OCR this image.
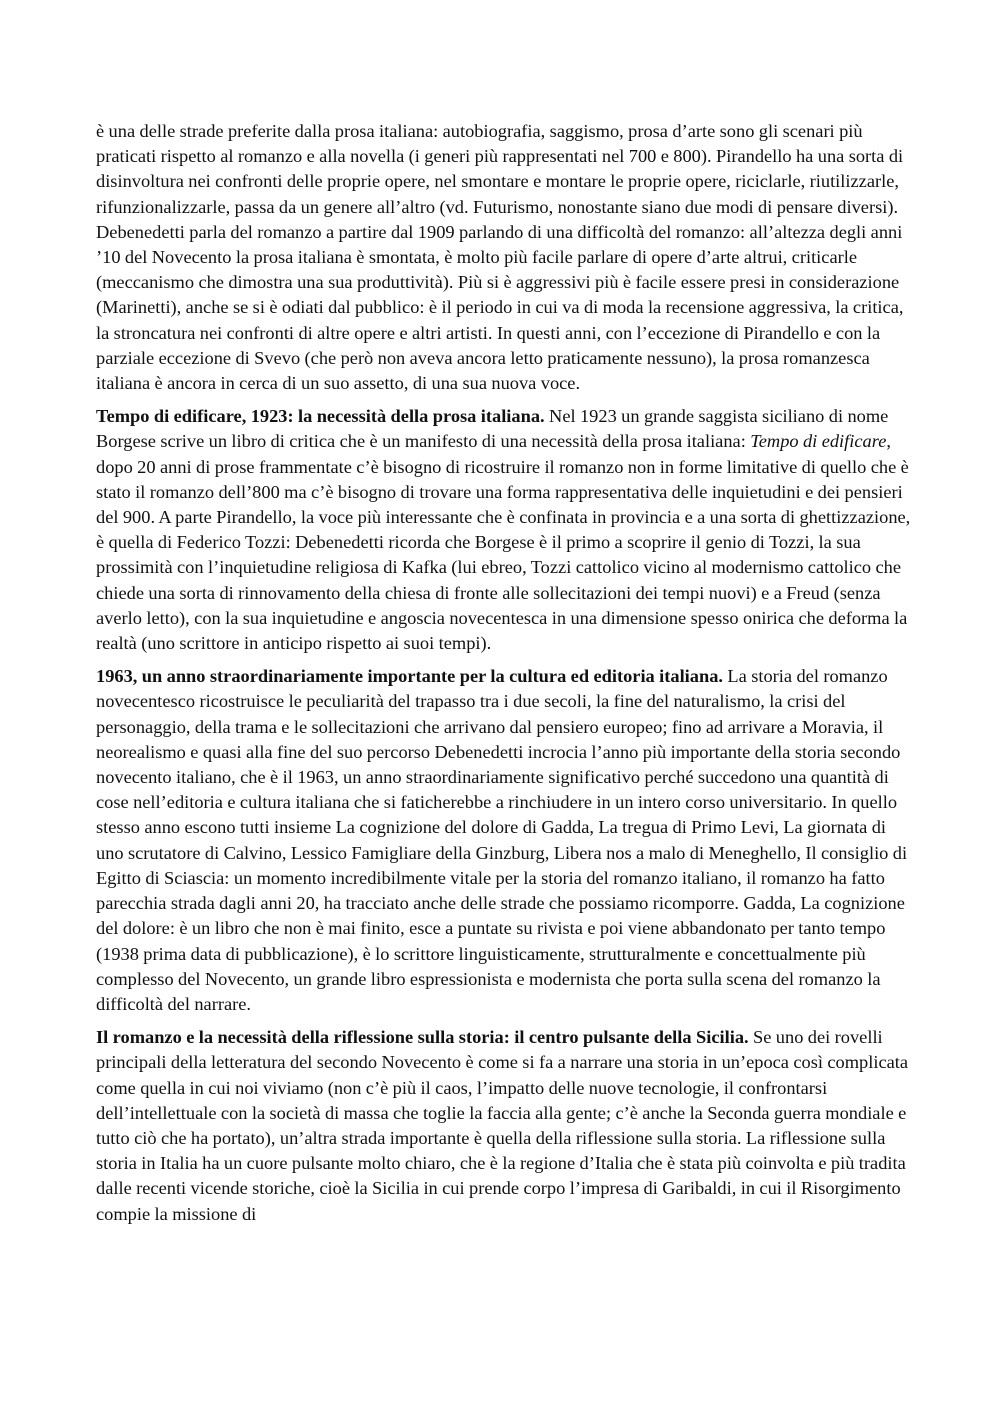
è una delle strade preferite dalla prosa italiana: autobiografia, saggismo, prosa d’arte sono gli scenari più praticati rispetto al romanzo e alla novella (i generi più rappresentati nel 700 e 800). Pirandello ha una sorta di disinvoltura nei confronti delle proprie opere, nel smontare e montare le proprie opere, riciclarle, riutilizzarle, rifunzionalizzarle, passa da un genere all’altro (vd. Futurismo, nonostante siano due modi di pensare diversi). Debenedetti parla del romanzo a partire dal 1909 parlando di una difficoltà del romanzo: all’altezza degli anni ’10 del Novecento la prosa italiana è smontata, è molto più facile parlare di opere d’arte altrui, criticarle (meccanismo che dimostra una sua produttività). Più si è aggressivi più è facile essere presi in considerazione (Marinetti), anche se si è odiati dal pubblico: è il periodo in cui va di moda la recensione aggressiva, la critica, la stroncatura nei confronti di altre opere e altri artisti. In questi anni, con l’eccezione di Pirandello e con la parziale eccezione di Svevo (che però non aveva ancora letto praticamente nessuno), la prosa romanzesca italiana è ancora in cerca di un suo assetto, di una sua nuova voce.

Tempo di edificare, 1923: la necessità della prosa italiana. Nel 1923 un grande saggista siciliano di nome Borgese scrive un libro di critica che è un manifesto di una necessità della prosa italiana: Tempo di edificare, dopo 20 anni di prose frammentate c’è bisogno di ricostruire il romanzo non in forme limitative di quello che è stato il romanzo dell’800 ma c’è bisogno di trovare una forma rappresentativa delle inquietudini e dei pensieri del 900. A parte Pirandello, la voce più interessante che è confinata in provincia e a una sorta di ghettizzazione, è quella di Federico Tozzi: Debenedetti ricorda che Borgese è il primo a scoprire il genio di Tozzi, la sua prossimità con l’inquietudine religiosa di Kafka (lui ebreo, Tozzi cattolico vicino al modernismo cattolico che chiede una sorta di rinnovamento della chiesa di fronte alle sollecitazioni dei tempi nuovi) e a Freud (senza averlo letto), con la sua inquietudine e angoscia novecentesca in una dimensione spesso onirica che deforma la realtà (uno scrittore in anticipo rispetto ai suoi tempi).

1963, un anno straordinariamente importante per la cultura ed editoria italiana. La storia del romanzo novecentesco ricostruisce le peculiarità del trapasso tra i due secoli, la fine del naturalismo, la crisi del personaggio, della trama e le sollecitazioni che arrivano dal pensiero europeo; fino ad arrivare a Moravia, il neorealismo e quasi alla fine del suo percorso Debenedetti incrocia l’anno più importante della storia secondo novecento italiano, che è il 1963, un anno straordinariamente significativo perché succedono una quantità di cose nell’editoria e cultura italiana che si faticherebbe a rinchiudere in un intero corso universitario. In quello stesso anno escono tutti insieme La cognizione del dolore di Gadda, La tregua di Primo Levi, La giornata di uno scrutatore di Calvino, Lessico Famigliare della Ginzburg, Libera nos a malo di Meneghello, Il consiglio di Egitto di Sciascia: un momento incredibilmente vitale per la storia del romanzo italiano, il romanzo ha fatto parecchia strada dagli anni 20, ha tracciato anche delle strade che possiamo ricomporre. Gadda, La cognizione del dolore: è un libro che non è mai finito, esce a puntate su rivista e poi viene abbandonato per tanto tempo (1938 prima data di pubblicazione), è lo scrittore linguisticamente, strutturalmente e concettualmente più complesso del Novecento, un grande libro espressionista e modernista che porta sulla scena del romanzo la difficoltà del narrare.

Il romanzo e la necessità della riflessione sulla storia: il centro pulsante della Sicilia. Se uno dei rovelli principali della letteratura del secondo Novecento è come si fa a narrare una storia in un’epoca così complicata come quella in cui noi viviamo (non c’è più il caos, l’impatto delle nuove tecnologie, il confrontarsi dell’intellettuale con la società di massa che toglie la faccia alla gente; c’è anche la Seconda guerra mondiale e tutto ciò che ha portato), un’altra strada importante è quella della riflessione sulla storia. La riflessione sulla storia in Italia ha un cuore pulsante molto chiaro, che è la regione d’Italia che è stata più coinvolta e più tradita dalle recenti vicende storiche, cioè la Sicilia in cui prende corpo l’impresa di Garibaldi, in cui il Risorgimento compie la missione di
